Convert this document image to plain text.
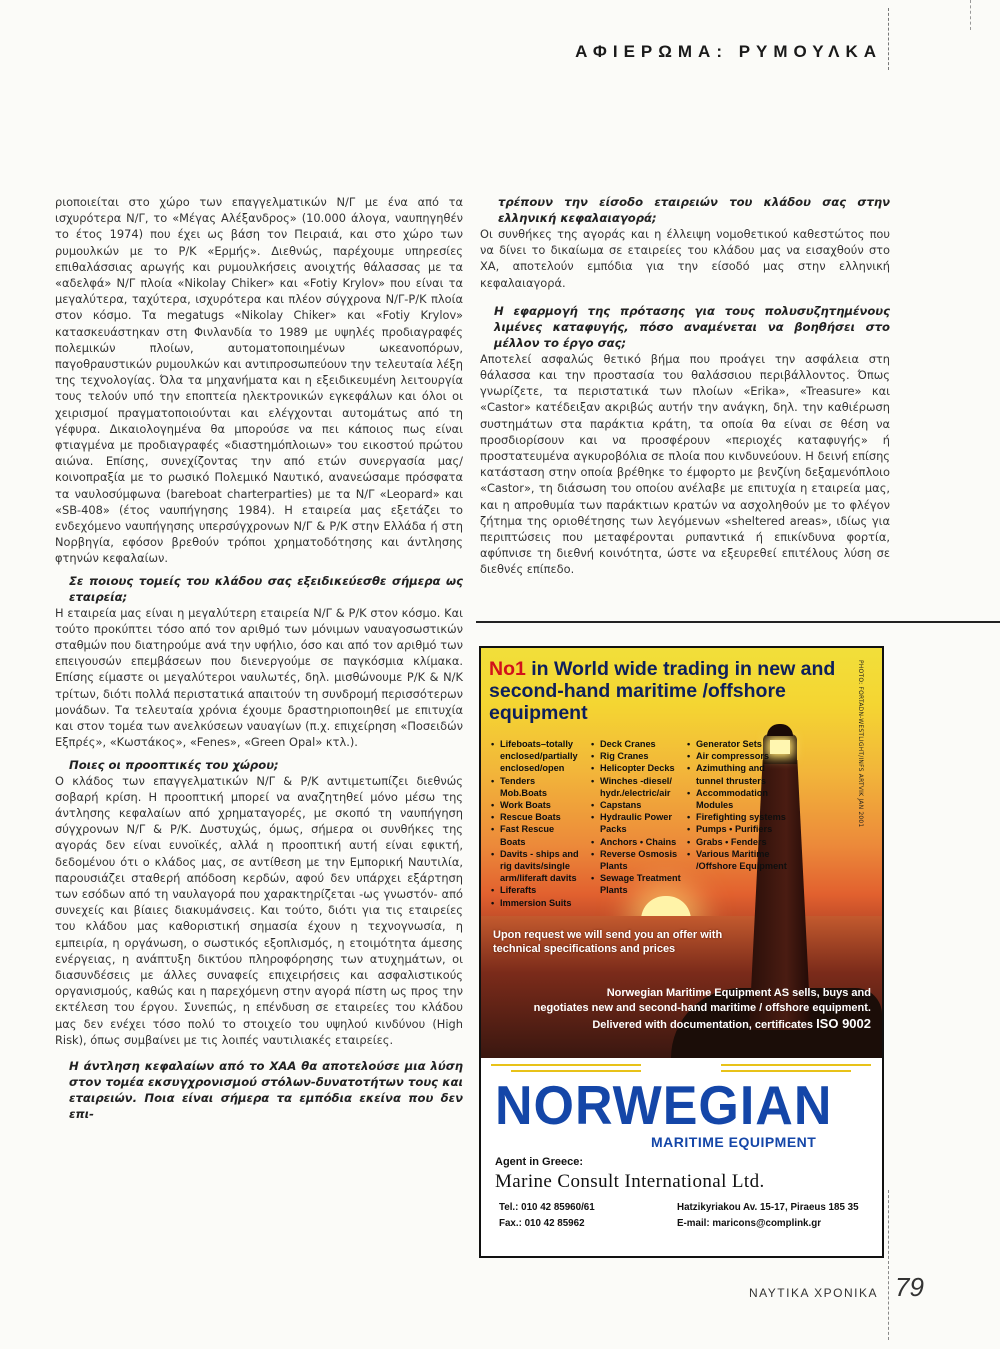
ΑΦΙΕΡΩΜΑ: ΡΥΜΟΥΛΚΑ

ριοποιείται στο χώρο των επαγγελματικών Ν/Γ με ένα από τα ισχυρότερα Ν/Γ, το «Μέγας Αλέξανδρος» (10.000 άλογα, ναυπηγηθέν το έτος 1974) που έχει ως βάση τον Πειραιά, και στο χώρο των ρυμουλκών με το Ρ/Κ «Ερμής». Διεθνώς, παρέχουμε υπηρεσίες επιθαλάσσιας αρωγής και ρυμουλκήσεις ανοιχτής θάλασσας με τα «αδελφά» Ν/Γ πλοία «Nikolay Chiker» και «Fotiy Krylov» που είναι τα μεγαλύτερα, ταχύτερα, ισχυρότερα και πλέον σύγχρονα Ν/Γ-Ρ/Κ πλοία στον κόσμο. Τα megatugs «Nikolay Chiker» και «Fotiy Krylov» κατασκευάστηκαν στη Φινλανδία το 1989 με υψηλές προδιαγραφές πολεμικών πλοίων, αυτοματοποιημένων ωκεανοπόρων, παγοθραυστικών ρυμουλκών και αντιπροσωπεύουν την τελευταία λέξη της τεχνολογίας. Όλα τα μηχανήματα και η εξειδικευμένη λειτουργία τους τελούν υπό την εποπτεία ηλεκτρονικών εγκεφάλων και όλοι οι χειρισμοί πραγματοποιούνται και ελέγχονται αυτομάτως από τη γέφυρα. Δικαιολογημένα θα μπορούσε να πει κάποιος πως είναι φτιαγμένα με προδιαγραφές «διαστημόπλοιων» του εικοστού πρώτου αιώνα. Επίσης, συνεχίζοντας την από ετών συνεργασία μας/κοινοπραξία με το ρωσικό Πολεμικό Ναυτικό, ανανεώσαμε πρόσφατα τα ναυλοσύμφωνα (bareboat charterparties) με τα Ν/Γ «Leopard» και «SB-408» (έτος ναυπήγησης 1984). Η εταιρεία μας εξετάζει το ενδεχόμενο ναυπήγησης υπερσύγχρονων Ν/Γ & Ρ/Κ στην Ελλάδα ή στη Νορβηγία, εφόσον βρεθούν τρόποι χρηματοδότησης και άντλησης φτηνών κεφαλαίων.

Σε ποιους τομείς του κλάδου σας εξειδικεύεσθε σήμερα ως εταιρεία;

Η εταιρεία μας είναι η μεγαλύτερη εταιρεία Ν/Γ & Ρ/Κ στον κόσμο. Και τούτο προκύπτει τόσο από τον αριθμό των μόνιμων ναυαγοσωστικών σταθμών που διατηρούμε ανά την υφήλιο, όσο και από τον αριθμό των επειγουσών επεμβάσεων που διενεργούμε σε παγκόσμια κλίμακα. Επίσης είμαστε οι μεγαλύτεροι ναυλωτές, δηλ. μισθώνουμε Ρ/Κ & Ν/Κ τρίτων, διότι πολλά περιστατικά απαιτούν τη συνδρομή περισσότερων μονάδων. Τα τελευταία χρόνια έχουμε δραστηριοποιηθεί με επιτυχία και στον τομέα των ανελκύσεων ναυαγίων (π.χ. επιχείρηση «Ποσειδών Εξπρές», «Κωστάκος», «Fenes», «Green Opal» κτλ.).

Ποιες οι προοπτικές του χώρου;

Ο κλάδος των επαγγελματικών Ν/Γ & Ρ/Κ αντιμετωπίζει διεθνώς σοβαρή κρίση. Η προοπτική μπορεί να αναζητηθεί μόνο μέσω της άντλησης κεφαλαίων από χρηματαγορές, με σκοπό τη ναυπήγηση σύγχρονων Ν/Γ & Ρ/Κ. Δυστυχώς, όμως, σήμερα οι συνθήκες της αγοράς δεν είναι ευνοϊκές, αλλά η προοπτική αυτή είναι εφικτή, δεδομένου ότι ο κλάδος μας, σε αντίθεση με την Εμπορική Ναυτιλία, παρουσιάζει σταθερή απόδοση κερδών, αφού δεν υπάρχει εξάρτηση των εσόδων από τη ναυλαγορά που χαρακτηρίζεται -ως γνωστόν- από συνεχείς και βίαιες διακυμάνσεις. Και τούτο, διότι για τις εταιρείες του κλάδου μας καθοριστική σημασία έχουν η τεχνογνωσία, η εμπειρία, η οργάνωση, ο σωστικός εξοπλισμός, η ετοιμότητα άμεσης ενέργειας, η ανάπτυξη δικτύου πληροφόρησης των ατυχημάτων, οι διασυνδέσεις με άλλες συναφείς επιχειρήσεις και ασφαλιστικούς οργανισμούς, καθώς και η παρεχόμενη στην αγορά πίστη ως προς την εκτέλεση του έργου. Συνεπώς, η επένδυση σε εταιρείες του κλάδου μας δεν ενέχει τόσο πολύ το στοιχείο του υψηλού κινδύνου (High Risk), όπως συμβαίνει με τις λοιπές ναυτιλιακές εταιρείες.

Η άντληση κεφαλαίων από το ΧΑΑ θα αποτελούσε μια λύση στον τομέα εκσυγχρονισμού στόλων-δυνατοτήτων τους και εταιρειών. Ποια είναι σήμερα τα εμπόδια εκείνα που δεν επι-

τρέπουν την είσοδο εταιρειών του κλάδου σας στην ελληνική κεφαλαιαγορά;

Οι συνθήκες της αγοράς και η έλλειψη νομοθετικού καθεστώτος που να δίνει το δικαίωμα σε εταιρείες του κλάδου μας να εισαχθούν στο ΧΑ, αποτελούν εμπόδια για την είσοδό μας στην ελληνική κεφαλαιαγορά.

Η εφαρμογή της πρότασης για τους πολυσυζητημένους λιμένες καταφυγής, πόσο αναμένεται να βοηθήσει στο μέλλον το έργο σας;

Αποτελεί ασφαλώς θετικό βήμα που προάγει την ασφάλεια στη θάλασσα και την προστασία του θαλάσσιου περιβάλλοντος. Όπως γνωρίζετε, τα περιστατικά των πλοίων «Erika», «Treasure» και «Castor» κατέδειξαν ακριβώς αυτήν την ανάγκη, δηλ. την καθιέρωση συστημάτων στα παράκτια κράτη, τα οποία θα είναι σε θέση να προσδιορίσουν και να προσφέρουν «περιοχές καταφυγής» ή προστατευμένα αγκυροβόλια σε πλοία που κινδυνεύουν. Η δεινή επίσης κατάσταση στην οποία βρέθηκε το έμφορτο με βενζίνη δεξαμενόπλοιο «Castor», τη διάσωση του οποίου ανέλαβε με επιτυχία η εταιρεία μας, και η απροθυμία των παράκτιων κρατών να ασχοληθούν με το φλέγον ζήτημα της οριοθέτησης των λεγόμενων «sheltered areas», ιδίως για περιπτώσεις που μεταφέρονται ρυπαντικά ή επικίνδυνα φορτία, αφύπνισε τη διεθνή κοινότητα, ώστε να εξευρεθεί επιτέλους λύση σε διεθνές επίπεδο.

No1 in World wide trading in new and second-hand maritime /offshore equipment	PHOTO: FORTADN-WESTLIGHT/INFS ARTVIK JAN 2001
• Lifeboats–totally enclosed/partially enclosed/open
• Tenders Mob.Boats
• Work Boats
• Rescue Boats
• Fast Rescue Boats
• Davits - ships and rig davits/single arm/liferaft davits
• Liferafts
• Immersion Suits
• Deck Cranes
• Rig Cranes
• Helicopter Decks
• Winches -diesel/ hydr./electric/air
• Capstans
• Hydraulic Power Packs
• Anchors • Chains
• Reverse Osmosis Plants
• Sewage Treatment Plants
• Generator Sets
• Air compressors
• Azimuthing and tunnel thrusters
• Accommodation Modules
• Firefighting systems
• Pumps • Purifiers
• Grabs • Fenders
• Various Maritime /Offshore Equipment
Upon request we will send you an offer with technical specifications and prices
Norwegian Maritime Equipment AS sells, buys and
negotiates new and second-hand maritime / offshore equipment.
Delivered with documentation, certificates ISO 9002
NORWEGIAN
MARITIME EQUIPMENT
Agent in Greece:
Marine Consult International Ltd.
Tel.: 010 42 85960/61
Fax.: 010 42 85962
Hatzikyriakou Av. 15-17, Piraeus 185 35
E-mail: maricons@complink.gr
ΝΑΥΤΙΚΑ ΧΡΟΝΙΚΑ 79
